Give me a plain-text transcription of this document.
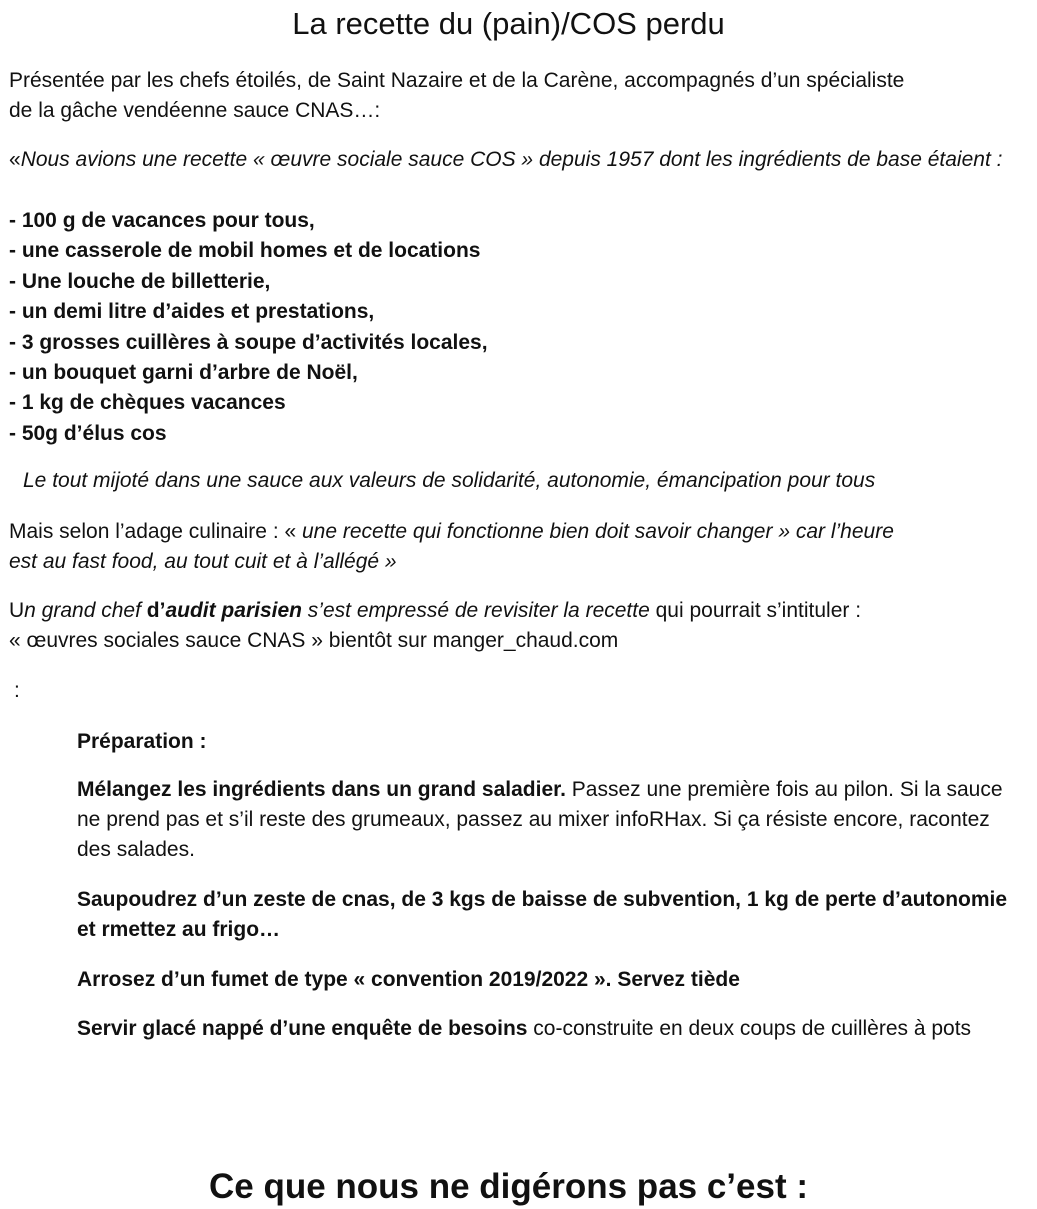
La recette du (pain)/COS perdu
Présentée par les chefs étoilés, de Saint Nazaire et de la Carène, accompagnés d’un spécialiste
de la gâche vendéenne sauce CNAS…:
«Nous avions une recette « œuvre sociale sauce COS » depuis 1957 dont les ingrédients de base étaient :
- 100 g de vacances pour tous,
- une casserole de mobil homes et de locations
- Une louche de billetterie,
- un demi litre d’aides et prestations,
- 3 grosses cuillères à soupe d’activités locales,
- un bouquet garni d’arbre de Noël,
- 1 kg de chèques vacances
- 50g d’élus cos
Le tout mijoté dans une sauce aux valeurs de solidarité, autonomie, émancipation pour tous
Mais selon l’adage culinaire : « une recette qui fonctionne bien doit savoir changer » car l’heure
est au fast food, au tout cuit et à l’allégé »
Un grand chef d’audit parisien s’est empressé de revisiter la recette qui pourrait s’intituler :
« œuvres sociales sauce CNAS » bientôt sur manger_chaud.com
:
Préparation :
Mélangez les ingrédients dans un grand saladier. Passez une première fois au pilon. Si la sauce ne prend pas et s’il reste des grumeaux, passez au mixer infoRHax. Si ça résiste encore, racontez des salades.
Saupoudrez d’un zeste de cnas, de 3 kgs de baisse de subvention, 1 kg de perte d’autonomie et rmettez au frigo…
Arrosez d’un fumet de type « convention 2019/2022 ». Servez tiède
Servir glacé nappé d’une enquête de besoins co-construite en deux coups de cuillères à pots
Ce que nous ne digérons pas c’est :
